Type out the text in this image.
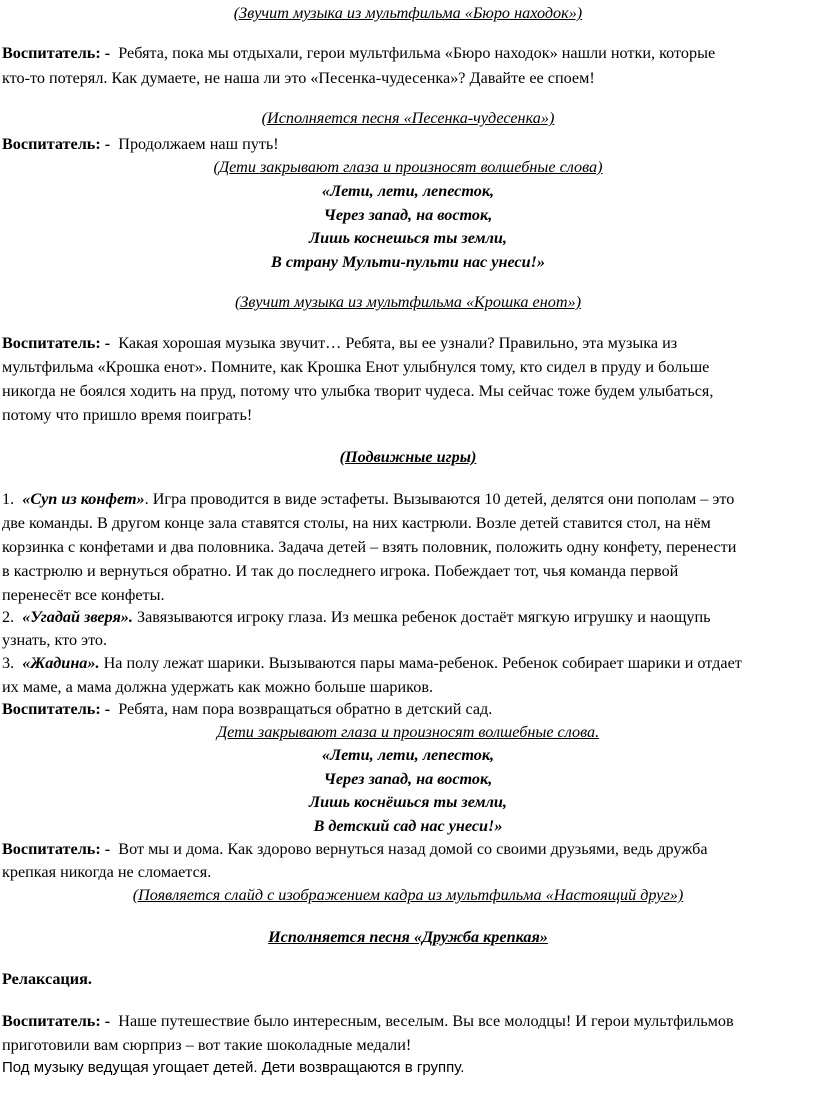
(Звучит музыка из мультфильма «Бюро находок»)
Воспитатель: - Ребята, пока мы отдыхали, герои мультфильма «Бюро находок» нашли нотки, которые
кто-то потерял. Как думаете, не наша ли это «Песенка-чудесенка»? Давайте ее споем!
(Исполняется песня «Песенка-чудесенка»)
Воспитатель: - Продолжаем наш путь!
(Дети закрывают глаза и произносят волшебные слова)
«Лети, лети, лепесток,
Через запад, на восток,
Лишь коснешься ты земли,
В страну Мульти-пульти нас унеси!»
(Звучит музыка из мультфильма «Крошка енот»)
Воспитатель: - Какая хорошая музыка звучит… Ребята, вы ее узнали? Правильно, эта музыка из
мультфильма «Крошка енот». Помните, как Крошка Енот улыбнулся тому, кто сидел в пруду и больше
никогда не боялся ходить на пруд, потому что улыбка творит чудеса. Мы сейчас тоже будем улыбаться,
потому что пришло время поиграть!
(Подвижные игры)
1. «Суп из конфет». Игра проводится в виде эстафеты. Вызываются 10 детей, делятся они пополам – это
две команды. В другом конце зала ставятся столы, на них кастрюли. Возле детей ставится стол, на нём
корзинка с конфетами и два половника. Задача детей – взять половник, положить одну конфету, перенести
в кастрюлю и вернуться обратно. И так до последнего игрока. Побеждает тот, чья команда первой
перенесёт все конфеты.
2. «Угадай зверя». Завязываются игроку глаза. Из мешка ребенок достаёт мягкую игрушку и наощупь
узнать, кто это.
3. «Жадина». На полу лежат шарики. Вызываются пары мама-ребенок. Ребенок собирает шарики и отдает
их маме, а мама должна удержать как можно больше шариков.
Воспитатель: - Ребята, нам пора возвращаться обратно в детский сад.
Дети закрывают глаза и произносят волшебные слова.
«Лети, лети, лепесток,
Через запад, на восток,
Лишь коснёшься ты земли,
В детский сад нас унеси!»
Воспитатель: - Вот мы и дома. Как здорово вернуться назад домой со своими друзьями, ведь дружба
крепкая никогда не сломается.
(Появляется слайд с изображением кадра из мультфильма «Настоящий друг»)
Исполняется песня «Дружба крепкая»
Релаксация.
Воспитатель: - Наше путешествие было интересным, веселым. Вы все молодцы! И герои мультфильмов
приготовили вам сюрприз – вот такие шоколадные медали!
Под музыку ведущая угощает детей. Дети возвращаются в группу.
